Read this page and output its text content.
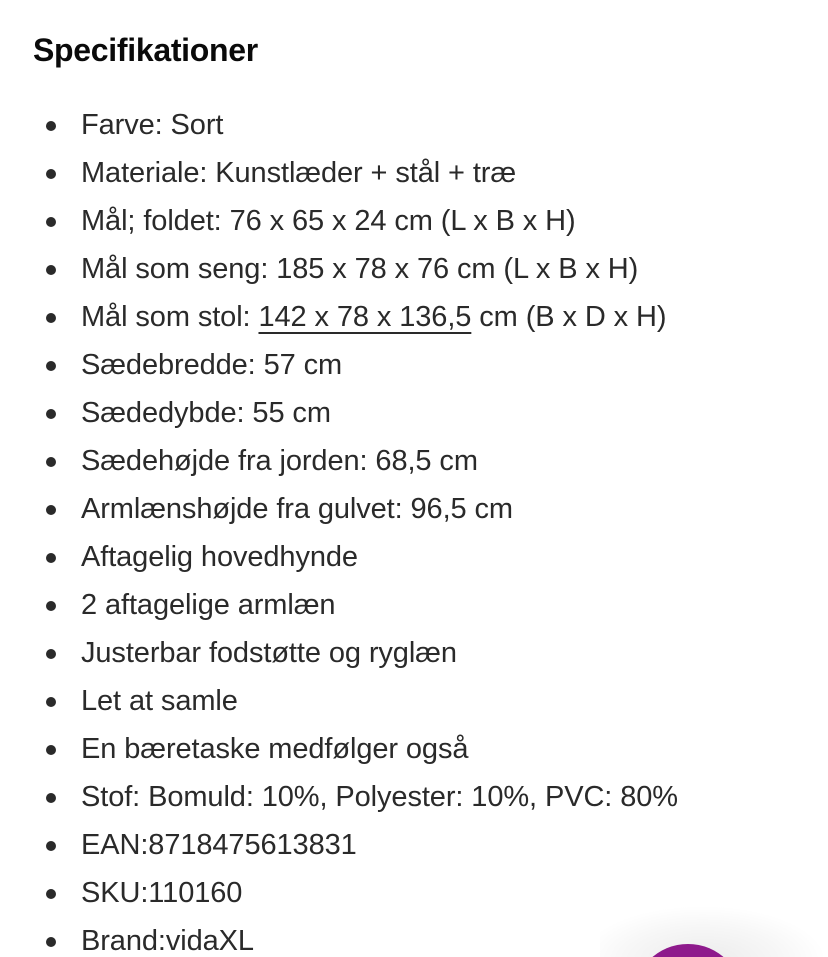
Specifikationer
Farve: Sort
Materiale: Kunstlæder + stål + træ
Mål; foldet: 76 x 65 x 24 cm (L x B x H)
Mål som seng: 185 x 78 x 76 cm (L x B x H)
Mål som stol: 142 x 78 x 136,5 cm (B x D x H)
Sædebredde: 57 cm
Sædedybde: 55 cm
Sædehøjde fra jorden: 68,5 cm
Armlænshøjde fra gulvet: 96,5 cm
Aftagelig hovedhynde
2 aftagelige armlæn
Justerbar fodstøtte og ryglæn
Let at samle
En bæretaske medfølger også
Stof: Bomuld: 10%, Polyester: 10%, PVC: 80%
EAN:8718475613831
SKU:110160
Brand:vidaXL
